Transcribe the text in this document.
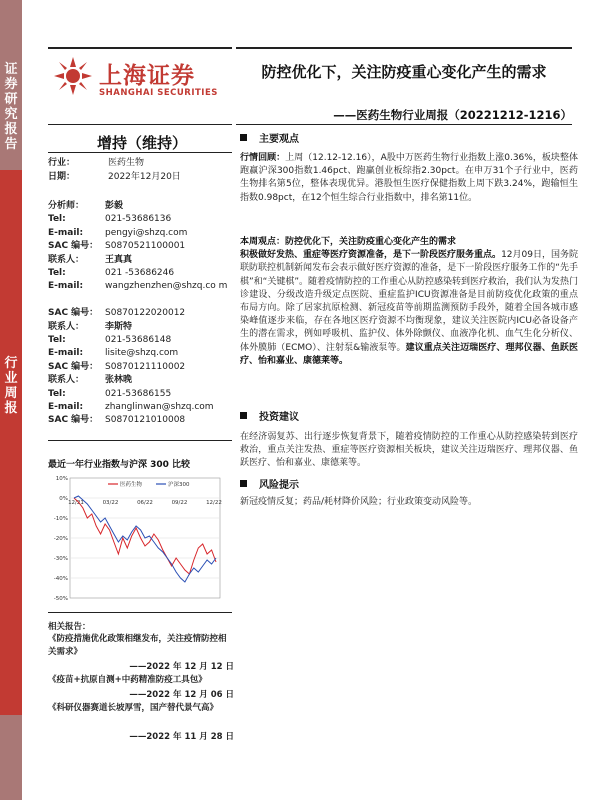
证券研究报告
行业周报
上海证券
SHANGHAI SECURITIES
防控优化下，关注防疫重心变化产生的需求
——医药生物行业周报（20221212-1216）
增持（维持）
行业：	医药生物
日期：	2022年12月20日
分析师： 彭毅
Tel:	021-53686136
E-mail: pengyi@shzq.com
SAC 编号： S0870521100001
联系人： 王真真
Tel:	021 -53686246
E-mail: wangzhenzhen@shzq.co m
SAC 编号： S0870122020012
联系人： 李斯特
Tel:	021-53686148
E-mail: lisite@shzq.com
SAC 编号： S0870121110002
联系人： 张林晚
Tel:	021-53686155
E-mail: zhanglinwan@shzq.com
SAC 编号： S0870121010008
最近一年行业指数与沪深 300 比较
10%
0%
-10%
-20%
-30%
-40%
-50%
12/21	03/22	06/22	09/22	12/22
医药生物	沪深300
相关报告：
《防疫措施优化政策相继发布，关注疫情防控相关需求》
——2022 年 12 月 12 日
《疫苗+抗原自测+中药精准防疫工具包》
——2022 年 12 月 06 日
《科研仪器赛道长坡厚雪，国产替代景气高》
——2022 年 11 月 28 日
主要观点
行情回顾：上周（12.12-12.16），A股中万医药生物行业指数上涨0.36%，板块整体跑赢沪深300指数1.46pct、跑赢创业板综指2.30pct。在申万31个子行业中，医药生物排名第5位，整体表现优异。港股恒生医疗保健指数上周下跌3.24%，跑输恒生指数0.98pct，在12个恒生综合行业指数中，排名第11位。
本周观点：防控优化下，关注防疫重心变化产生的需求
积极做好发热、重症等医疗资源准备，是下一阶段医疗服务重点。12月09日，国务院联防联控机制新闻发布会表示做好医疗资源的准备，是下一阶段医疗服务工作的“先手棋”和“关键棋”。随着疫情防控的工作重心从防控感染转到医疗救治，我们认为发热门诊建设、分级改造升级定点医院、重症监护ICU资源准备是目前防疫优化政策的重点布局方向。除了居家抗原检测、新冠疫苗等前期监测预防手段外，随着全国各城市感染峰值逐步来临，存在各地区医疗资源不均衡现象，建议关注医院内ICU必备设备产生的潜在需求，例如呼吸机、监护仪、体外除颤仪、血液净化机、血气生化分析仪、体外膜肺（ECMO）、注射泵&输液泵等。建议重点关注迈瑞医疗、理邦仪器、鱼跃医疗、怡和嘉业、康德莱等。
投资建议
在经济弱复苏、出行逐步恢复背景下，随着疫情防控的工作重心从防控感染转到医疗救治，重点关注发热、重症等医疗资源相关板块，建议关注迈瑞医疗、理邦仪器、鱼跃医疗、怡和嘉业、康德莱等。
风险提示
新冠疫情反复；药品/耗材降价风险；行业政策变动风险等。
